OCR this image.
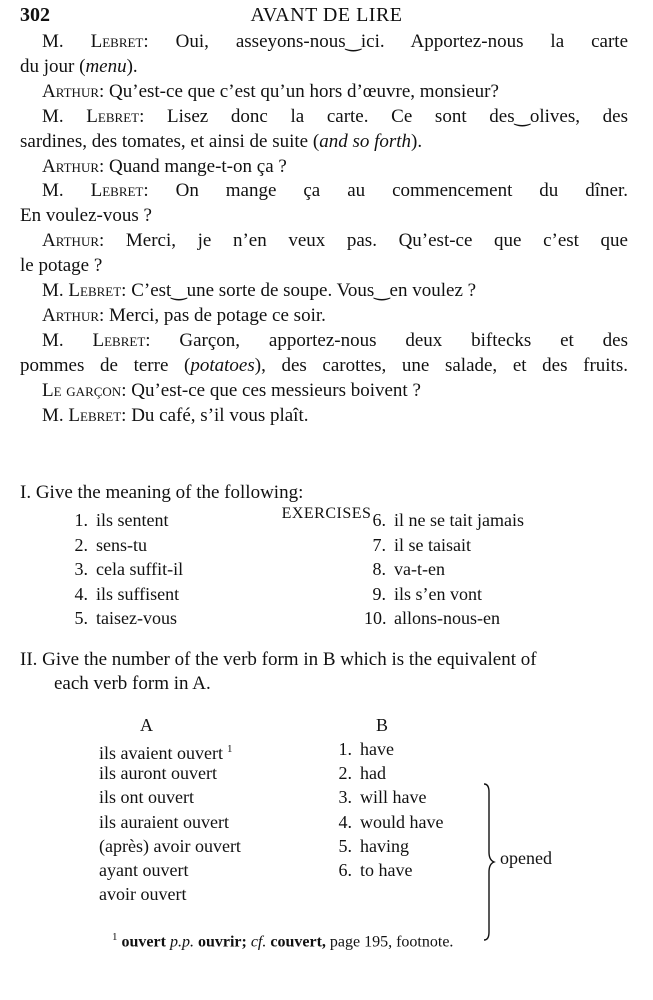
302	AVANT DE LIRE
M. Lebret: Oui, asseyons-nous‿ici. Apportez-nous la carte
du jour (menu).
Arthur: Qu’est-ce que c’est qu’un hors d’œuvre, monsieur?
M. Lebret: Lisez donc la carte. Ce sont des‿olives, des
sardines, des tomates, et ainsi de suite (and so forth).
Arthur: Quand mange-t-on ça ?
M. Lebret: On mange ça au commencement du dîner.
En voulez-vous ?
Arthur: Merci, je n’en veux pas. Qu’est-ce que c’est que
le potage ?
M. Lebret: C’est‿une sorte de soupe. Vous‿en voulez ?
Arthur: Merci, pas de potage ce soir.
M. Lebret: Garçon, apportez-nous deux biftecks et des
pommes de terre (potatoes), des carottes, une salade, et des fruits.
Le garçon: Qu’est-ce que ces messieurs boivent ?
M. Lebret: Du café, s’il vous plaît.
EXERCISES
I. Give the meaning of the following:
1. ils sentent
2. sens-tu
3. cela suffit-il
4. ils suffisent
5. taisez-vous
6. il ne se tait jamais
7. il se taisait
8. va-t-en
9. ils s’en vont
10. allons-nous-en
II. Give the number of the verb form in B which is the equivalent of
each verb form in A.
A	B
ils avaient ouvert $^1$
ils auront ouvert
ils ont ouvert
ils auraient ouvert
(après) avoir ouvert
ayant ouvert
avoir ouvert
1. have
2. had
3. will have
4. would have
5. having
6. to have
opened
$^1$ ouvert p.p. ouvrir; cf. couvert, page 195, footnote.
